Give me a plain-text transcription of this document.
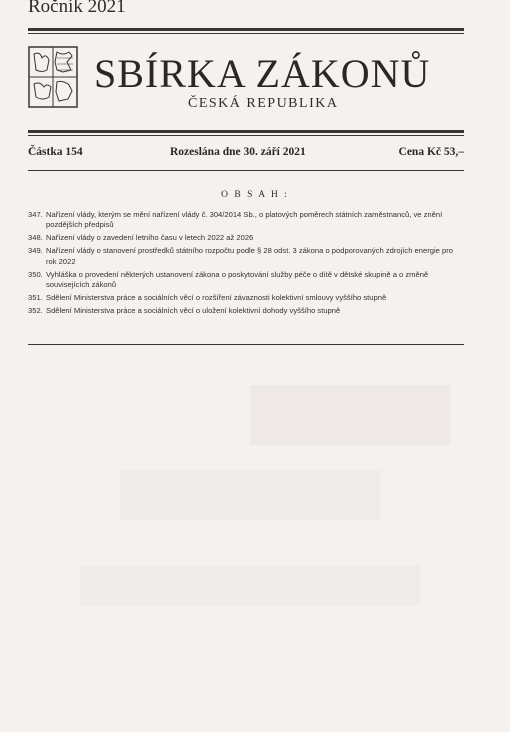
Ročník 2021
SBÍRKA ZÁKONŮ
ČESKÁ REPUBLIKA
Částka 154	Rozeslána dne 30. září 2021	Cena Kč 53,–
O B S A H :
347. Nařízení vlády, kterým se mění nařízení vlády č. 304/2014 Sb., o platových poměrech státních zaměstnanců, ve znění pozdějších předpisů
348. Nařízení vlády o zavedení letního času v letech 2022 až 2026
349. Nařízení vlády o stanovení prostředků státního rozpočtu podle § 28 odst. 3 zákona o podporovaných zdrojích energie pro rok 2022
350. Vyhláška o provedení některých ustanovení zákona o poskytování služby péče o dítě v dětské skupině a o změně souvisejících zákonů
351. Sdělení Ministerstva práce a sociálních věcí o rozšíření závaznosti kolektivní smlouvy vyššího stupně
352. Sdělení Ministerstva práce a sociálních věcí o uložení kolektivní dohody vyššího stupně
